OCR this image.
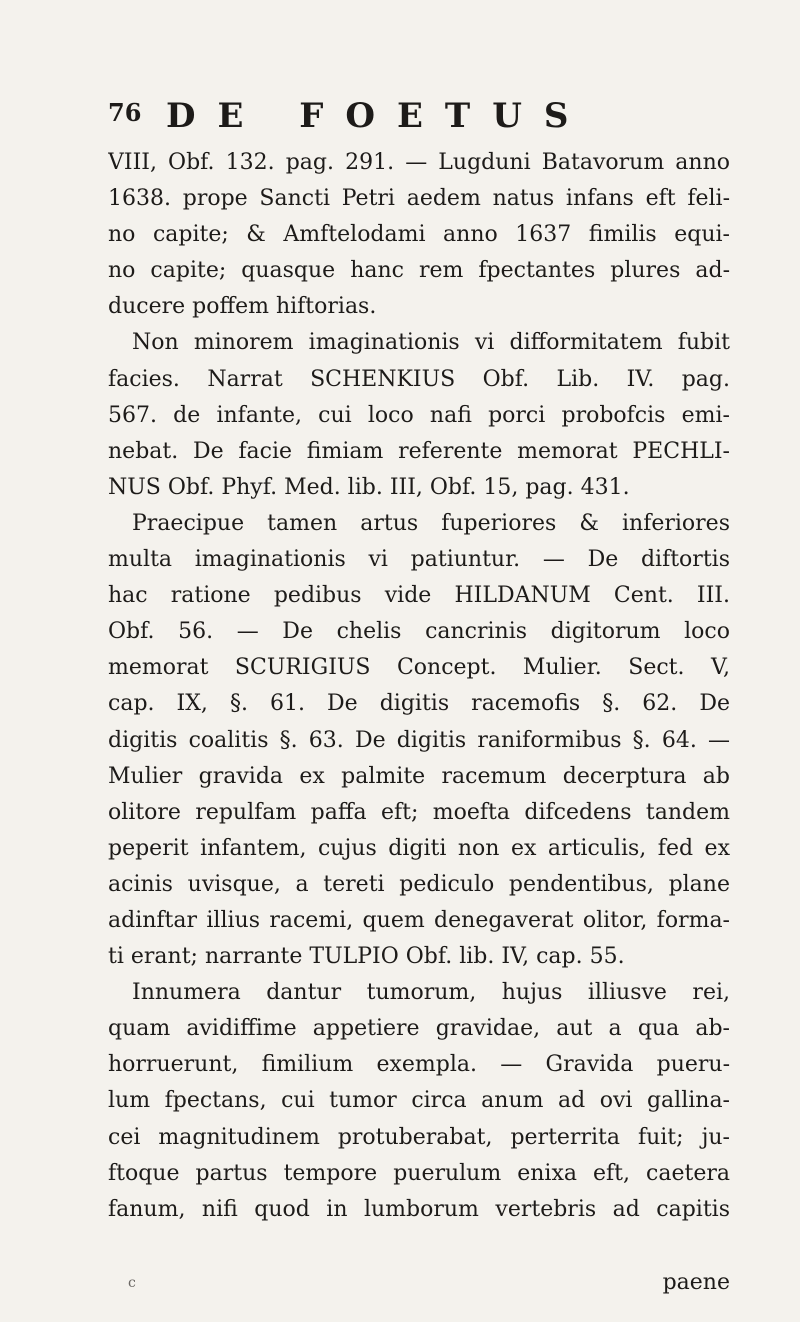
76 DE FOETUS
VIII, Obf. 132. pag. 291. — Lugduni Batavorum anno
1638. prope Sancti Petri aedem natus infans eft feli-
no capite; & Amftelodami anno 1637 fimilis equi-
no capite; quasque hanc rem fpectantes plures ad-
ducere poffem hiftorias.
Non minorem imaginationis vi difformitatem fubit
facies. Narrat SCHENKIUS Obf. Lib. IV. pag.
567. de infante, cui loco nafi porci probofcis emi-
nebat. De facie fimiam referente memorat PECHLI-
NUS Obf. Phyf. Med. lib. III, Obf. 15, pag. 431.
Praecipue tamen artus fuperiores & inferiores
multa imaginationis vi patiuntur. — De diftortis
hac ratione pedibus vide HILDANUM Cent. III.
Obf. 56. — De chelis cancrinis digitorum loco
memorat SCURIGIUS Concept. Mulier. Sect. V,
cap. IX, §. 61. De digitis racemofis §. 62. De
digitis coalitis §. 63. De digitis raniformibus §. 64. —
Mulier gravida ex palmite racemum decerptura ab
olitore repulfam paffa eft; moefta difcedens tandem
peperit infantem, cujus digiti non ex articulis, fed ex
acinis uvisque, a tereti pediculo pendentibus, plane
adinftar illius racemi, quem denegaverat olitor, forma-
ti erant; narrante TULPIO Obf. lib. IV, cap. 55.
Innumera dantur tumorum, hujus illiusve rei,
quam avidiffime appetiere gravidae, aut a qua ab-
horruerunt, fimilium exempla. — Gravida pueru-
lum fpectans, cui tumor circa anum ad ovi gallina-
cei magnitudinem protuberabat, perterrita fuit; ju-
ftoque partus tempore puerulum enixa eft, caetera
fanum, nifi quod in lumborum vertebris ad capitis
c	paene
